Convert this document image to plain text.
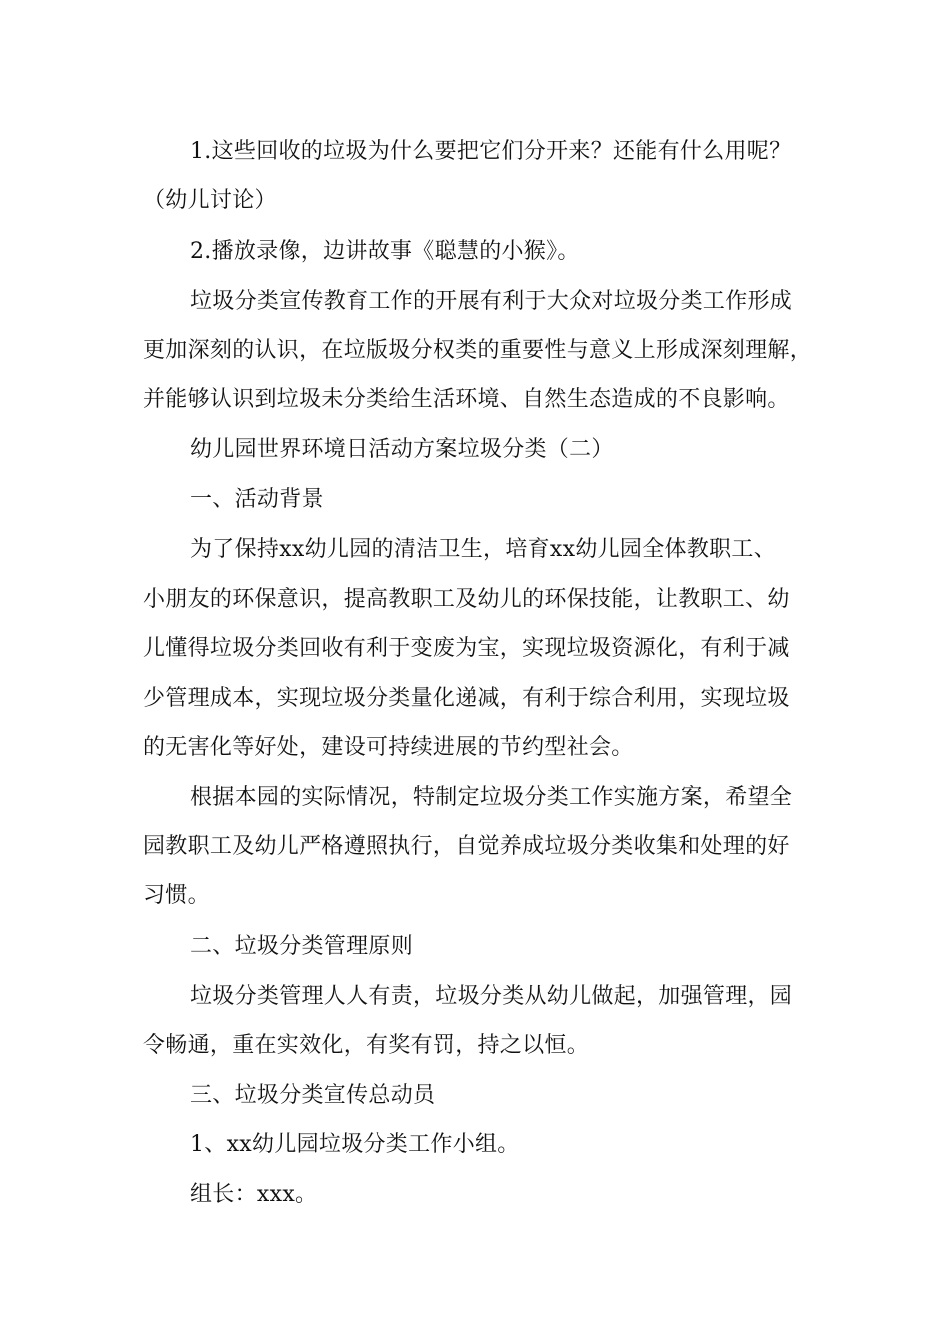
1.这些回收的垃圾为什么要把它们分开来？还能有什么用呢？
（幼儿讨论）
2.播放录像，边讲故事《聪慧的小猴》。
垃圾分类宣传教育工作的开展有利于大众对垃圾分类工作形成
更加深刻的认识，在垃版圾分权类的重要性与意义上形成深刻理解，
并能够认识到垃圾未分类给生活环境、自然生态造成的不良影响。
幼儿园世界环境日活动方案垃圾分类（二）
一、活动背景
为了保持xx幼儿园的清洁卫生，培育xx幼儿园全体教职工、
小朋友的环保意识，提高教职工及幼儿的环保技能，让教职工、幼
儿懂得垃圾分类回收有利于变废为宝，实现垃圾资源化，有利于减
少管理成本，实现垃圾分类量化递减，有利于综合利用，实现垃圾
的无害化等好处，建设可持续进展的节约型社会。
根据本园的实际情况，特制定垃圾分类工作实施方案，希望全
园教职工及幼儿严格遵照执行，自觉养成垃圾分类收集和处理的好
习惯。
二、垃圾分类管理原则
垃圾分类管理人人有责，垃圾分类从幼儿做起，加强管理，园
令畅通，重在实效化，有奖有罚，持之以恒。
三、垃圾分类宣传总动员
1、xx幼儿园垃圾分类工作小组。
组长：xxx。
